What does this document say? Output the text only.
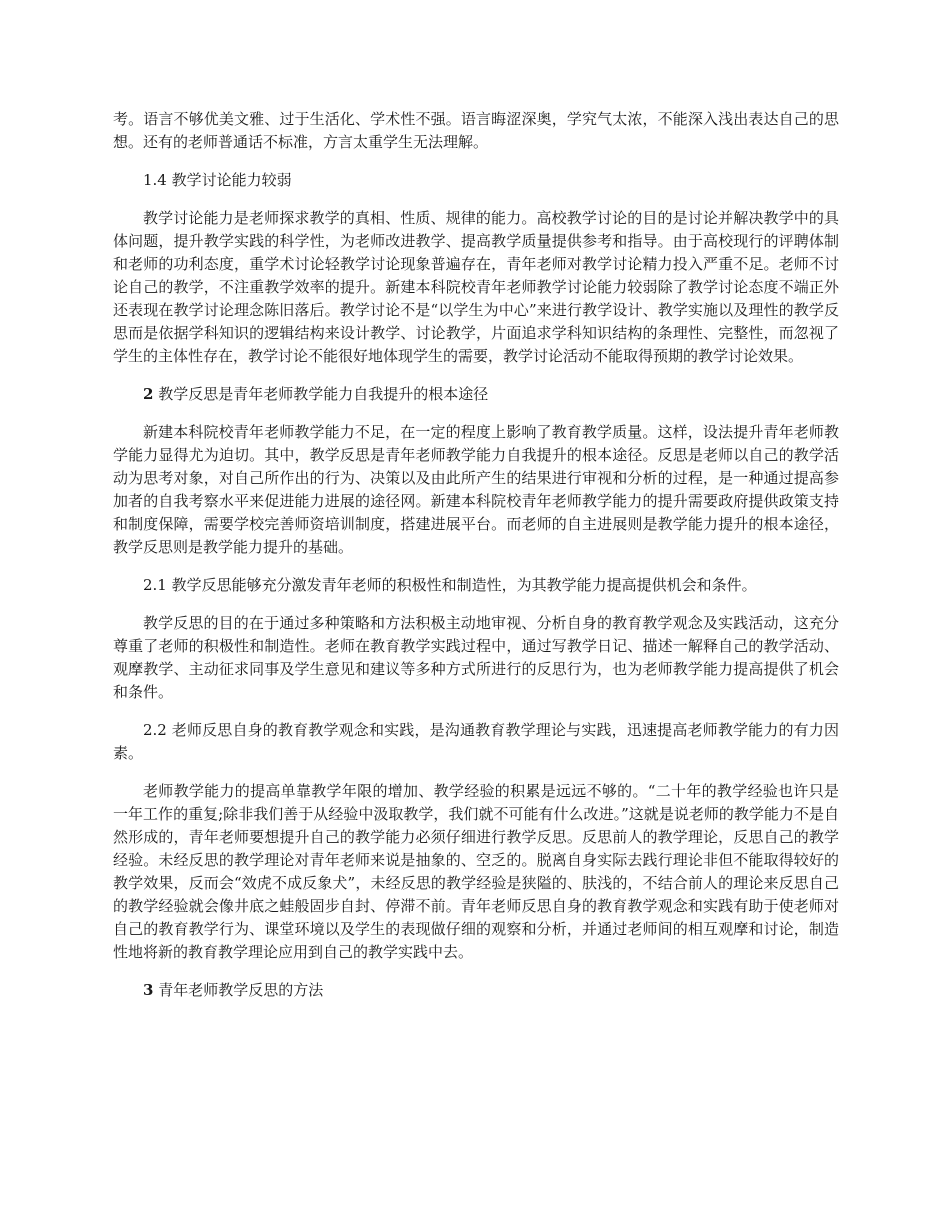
考。语言不够优美文雅、过于生活化、学术性不强。语言晦涩深奥，学究气太浓，不能深入浅出表达自己的思想。还有的老师普通话不标准，方言太重学生无法理解。

1.4 教学讨论能力较弱

教学讨论能力是老师探求教学的真相、性质、规律的能力。高校教学讨论的目的是讨论并解决教学中的具体问题，提升教学实践的科学性，为老师改进教学、提高教学质量提供参考和指导。由于高校现行的评聘体制和老师的功利态度，重学术讨论轻教学讨论现象普遍存在，青年老师对教学讨论精力投入严重不足。老师不讨论自己的教学，不注重教学效率的提升。新建本科院校青年老师教学讨论能力较弱除了教学讨论态度不端正外还表现在教学讨论理念陈旧落后。教学讨论不是“以学生为中心”来进行教学设计、教学实施以及理性的教学反思而是依据学科知识的逻辑结构来设计教学、讨论教学，片面追求学科知识结构的条理性、完整性，而忽视了学生的主体性存在，教学讨论不能很好地体现学生的需要，教学讨论活动不能取得预期的教学讨论效果。

2 教学反思是青年老师教学能力自我提升的根本途径

新建本科院校青年老师教学能力不足，在一定的程度上影响了教育教学质量。这样，设法提升青年老师教学能力显得尤为迫切。其中，教学反思是青年老师教学能力自我提升的根本途径。反思是老师以自己的教学活动为思考对象，对自己所作出的行为、决策以及由此所产生的结果进行审视和分析的过程，是一种通过提高参加者的自我考察水平来促进能力进展的途径网。新建本科院校青年老师教学能力的提升需要政府提供政策支持和制度保障，需要学校完善师资培训制度，搭建进展平台。而老师的自主进展则是教学能力提升的根本途径，教学反思则是教学能力提升的基础。

2.1 教学反思能够充分激发青年老师的积极性和制造性，为其教学能力提高提供机会和条件。

教学反思的目的在于通过多种策略和方法积极主动地审视、分析自身的教育教学观念及实践活动，这充分尊重了老师的积极性和制造性。老师在教育教学实践过程中，通过写教学日记、描述一解释自己的教学活动、观摩教学、主动征求同事及学生意见和建议等多种方式所进行的反思行为，也为老师教学能力提高提供了机会和条件。

2.2 老师反思自身的教育教学观念和实践，是沟通教育教学理论与实践，迅速提高老师教学能力的有力因素。

老师教学能力的提高单靠教学年限的增加、教学经验的积累是远远不够的。“二十年的教学经验也许只是一年工作的重复;除非我们善于从经验中汲取教学，我们就不可能有什么改进。”这就是说老师的教学能力不是自然形成的，青年老师要想提升自己的教学能力必须仔细进行教学反思。反思前人的教学理论，反思自己的教学经验。未经反思的教学理论对青年老师来说是抽象的、空乏的。脱离自身实际去践行理论非但不能取得较好的教学效果，反而会“效虎不成反象犬”，未经反思的教学经验是狭隘的、肤浅的，不结合前人的理论来反思自己的教学经验就会像井底之蛙般固步自封、停滞不前。青年老师反思自身的教育教学观念和实践有助于使老师对自己的教育教学行为、课堂环境以及学生的表现做仔细的观察和分析，并通过老师间的相互观摩和讨论，制造性地将新的教育教学理论应用到自己的教学实践中去。

3 青年老师教学反思的方法
